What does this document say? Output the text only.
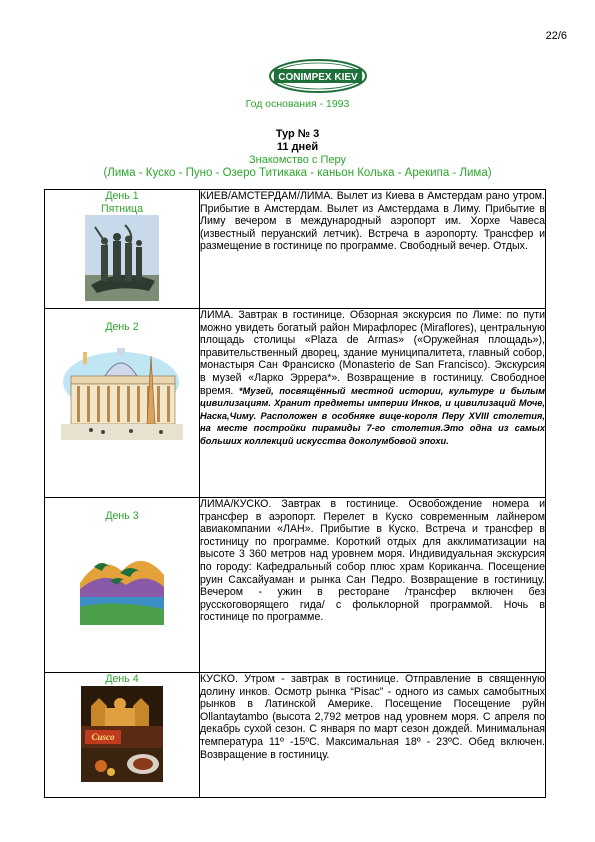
22/6
CONIMPEX KIEV
Год основания - 1993
Тур № 3
11 дней
Знакомство с Перу
(Лима - Куско - Пуно - Озеро Титикака - каньон Колька - Арекипа - Лима)
День 1
Пятница	КИЕВ/АМСТЕРДАМ/ЛИМА. Вылет из Киева в Амстердам рано утром. Прибытие в Амстердам. Вылет из Амстердама в Лиму. Прибытие в Лиму вечером в международный аэропорт им. Хорхе Чавеса (известный перуанский летчик). Встреча в аэропорту. Трансфер и размещение в гостинице по программе. Свободный вечер. Отдых.

День 2	ЛИМА. Завтрак в гостинице. Обзорная экскурсия по Лиме: по пути можно увидеть богатый район Мирафлорес (Miraflores), центральную площадь столицы «Plaza de Armas» («Оружейная площадь»), правительственный дворец, здание муниципалитета, главный собор, монастыря Сан Франсиско (Monasterio de San Francisco). Экскурсия в музей «Ларко Эррера*». Возвращение в гостиницу. Свободное время. *Музей, посвящённый местной истории, культуре и былым цивилизациям. Хранит предметы империи Инков, и цивилизаций Моче, Наска,Чиму. Расположен в особняке вице-короля Перу XVIII столетия, на месте постройки пирамиды 7-го столетия.Это одна из самых больших коллекций искусства доколумбовой эпохи.

День 3	ЛИМА/КУСКО. Завтрак в гостинице. Освобождение номера и трансфер в аэропорт. Перелет в Куско современным лайнером авиакомпании «ЛАН». Прибытие в Куско. Встреча и трансфер в гостиницу по программе. Короткий отдых для акклиматизации на высоте 3 360 метров над уровнем моря. Индивидуальная экскурсия по городу: Кафедральный собор плюс храм Кориканча. Посещение руин Саксайуаман и рынка Сан Педро. Возвращение в гостиницу. Вечером - ужин в ресторане /трансфер включен без русскоговорящего гида/ с фольклорной программой. Ночь в гостинице по программе.

День 4
Cusco	КУСКО. Утром - завтрак в гостинице. Отправление в священную долину инков. Осмотр рынка “Pisac” - одного из самых самобытных рынков в Латинской Америке. Посещение Посещение руйн Ollantaytambo (высота 2,792 метров над уровнем моря. С апреля по декабрь сухой сезон. С января по март сезон дождей. Минимальная температура 11º -15ºС. Максимальная 18º - 23ºС. Обед включен. Возвращение в гостиницу.
